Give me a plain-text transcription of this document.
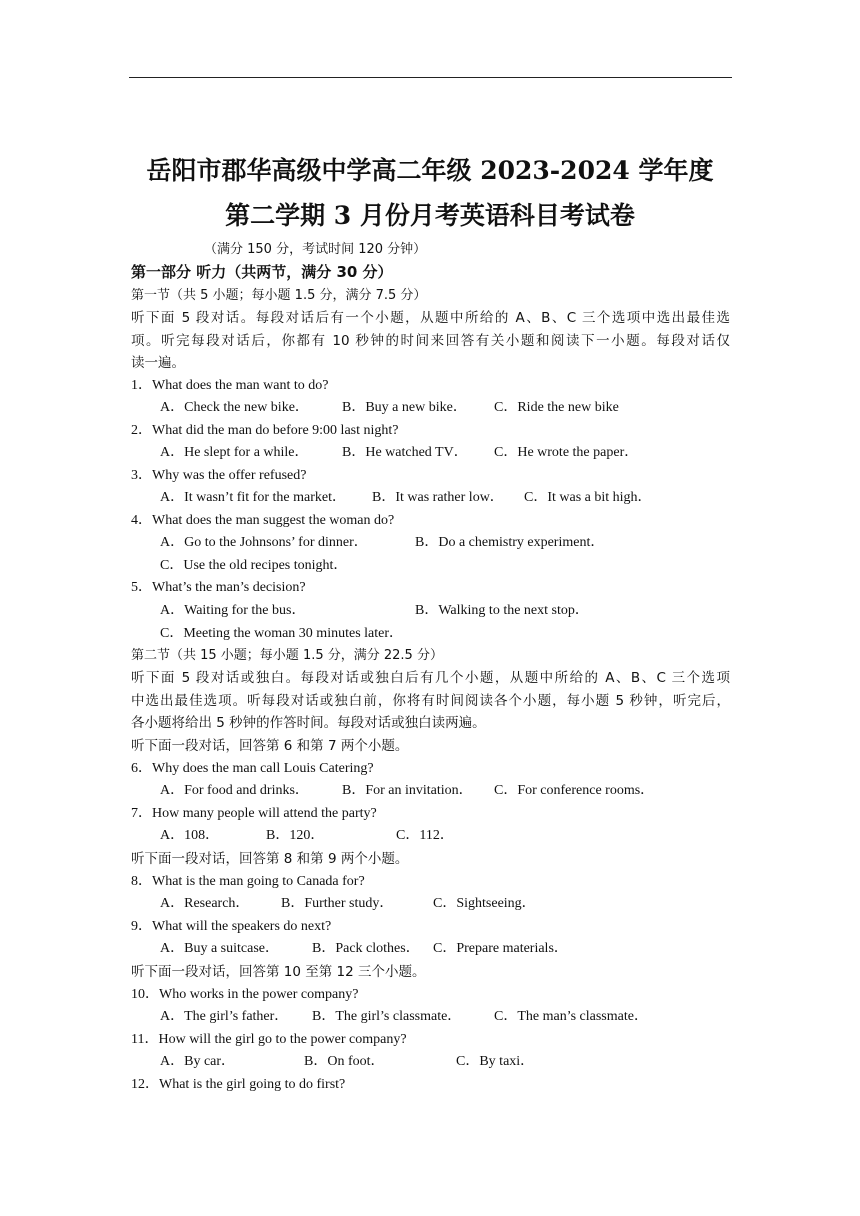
岳阳市郡华高级中学高二年级 2023-2024 学年度
第二学期 3 月份月考英语科目考试卷
（满分 150 分，考试时间 120 分钟）
第一部分 听力（共两节，满分 30 分）
第一节（共 5 小题；每小题 1.5 分，满分 7.5 分）
听下面 5 段对话。每段对话后有一个小题，从题中所给的 A、B、C 三个选项中选出最佳选
项。听完每段对话后，你都有 10 秒钟的时间来回答有关小题和阅读下一小题。每段对话仅
读一遍。
1．What does the man want to do?
A．Check the new bike． B．Buy a new bike． C．Ride the new bike
2．What did the man do before 9:00 last night?
A．He slept for a while． B．He watched TV． C．He wrote the paper．
3．Why was the offer refused?
A．It wasn’t fit for the market． B．It was rather low． C．It was a bit high．
4．What does the man suggest the woman do?
A．Go to the Johnsons’ for dinner．	B．Do a chemistry experiment．
C．Use the old recipes tonight．
5．What’s the man’s decision?
A．Waiting for the bus．	B．Walking to the next stop．
C．Meeting the woman 30 minutes later．
第二节（共 15 小题；每小题 1.5 分，满分 22.5 分）
听下面 5 段对话或独白。每段对话或独白后有几个小题，从题中所给的 A、B、C 三个选项
中选出最佳选项。听每段对话或独白前，你将有时间阅读各个小题，每小题 5 秒钟，听完后，
各小题将给出 5 秒钟的作答时间。每段对话或独白读两遍。
听下面一段对话，回答第 6 和第 7 两个小题。
6．Why does the man call Louis Catering?
A．For food and drinks． B．For an invitation． C．For conference rooms．
7．How many people will attend the party?
A．108．	B．120．	C．112．
听下面一段对话，回答第 8 和第 9 两个小题。
8．What is the man going to Canada for?
A．Research． B．Further study．	C．Sightseeing．
9．What will the speakers do next?
A．Buy a suitcase． B．Pack clothes． C．Prepare materials．
听下面一段对话，回答第 10 至第 12 三个小题。
10．Who works in the power company?
A．The girl’s father． B．The girl’s classmate． C．The man’s classmate．
11．How will the girl go to the power company?
A．By car．	B．On foot．	C．By taxi．
12．What is the girl going to do first?
